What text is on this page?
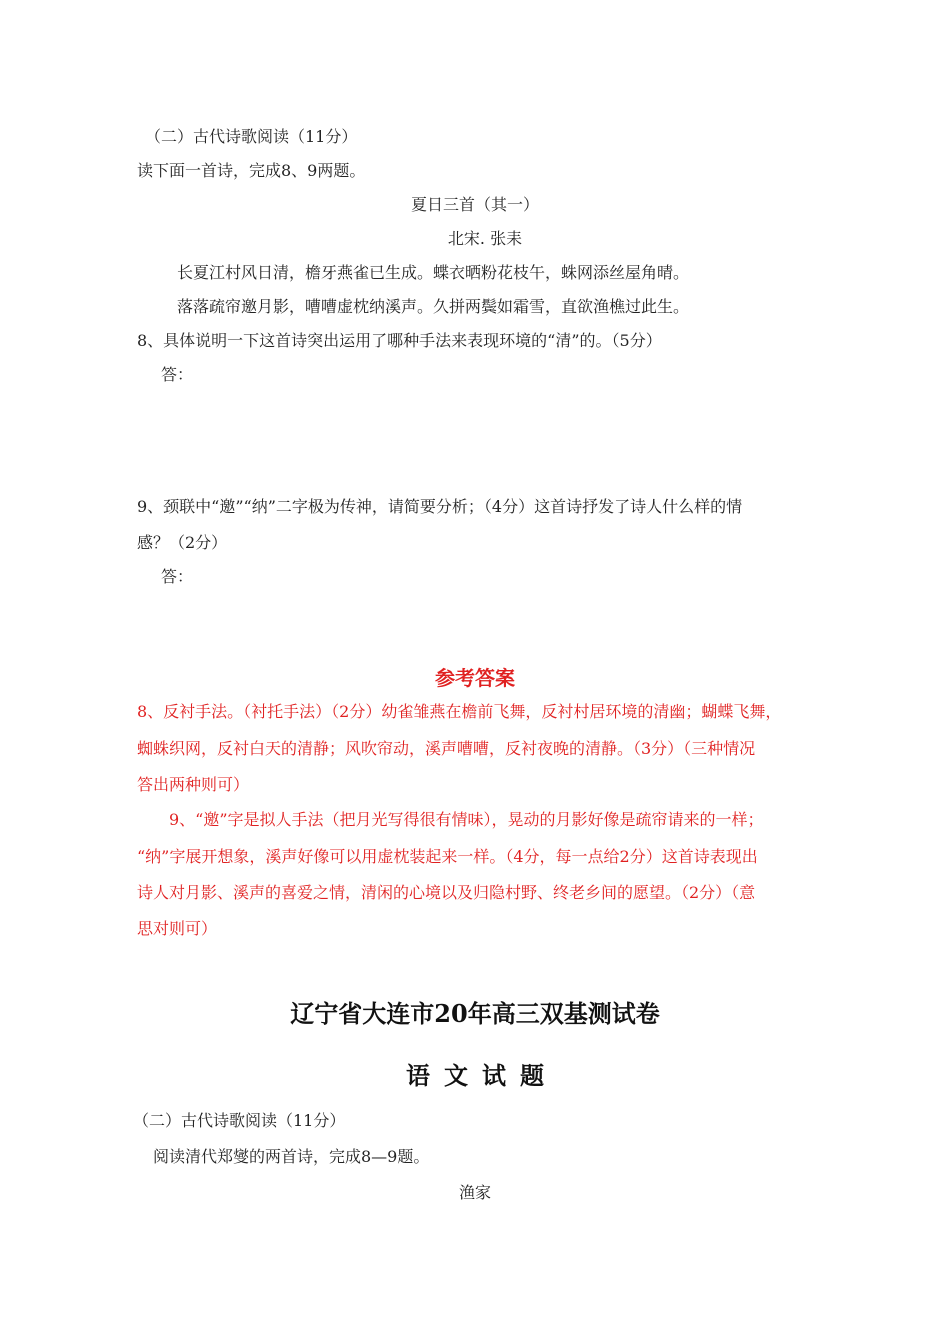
（二）古代诗歌阅读（11分）
读下面一首诗，完成8、9两题。
夏日三首（其一）
北宋. 张耒
长夏江村风日清，檐牙燕雀已生成。蝶衣晒粉花枝午，蛛网添丝屋角晴。
落落疏帘邀月影，嘈嘈虚枕纳溪声。久拼两鬓如霜雪，直欲渔樵过此生。
8、具体说明一下这首诗突出运用了哪种手法来表现环境的“清”的。（5分）
答：
9、颈联中“邀”“纳”二字极为传神，请简要分析；（4分）这首诗抒发了诗人什么样的情
感？（2分）
答：
参考答案
8、反衬手法。（衬托手法）（2分）幼雀雏燕在檐前飞舞，反衬村居环境的清幽；蝴蝶飞舞，
蜘蛛织网，反衬白天的清静；风吹帘动，溪声嘈嘈，反衬夜晚的清静。（3分）（三种情况
答出两种则可）
9、“邀”字是拟人手法（把月光写得很有情味），晃动的月影好像是疏帘请来的一样；
“纳”字展开想象，溪声好像可以用虚枕装起来一样。（4分，每一点给2分）这首诗表现出
诗人对月影、溪声的喜爱之情，清闲的心境以及归隐村野、终老乡间的愿望。（2分）（意
思对则可）
辽宁省大连市20年高三双基测试卷
语文试题
（二）古代诗歌阅读（11分）
阅读清代郑燮的两首诗，完成8—9题。
渔家
